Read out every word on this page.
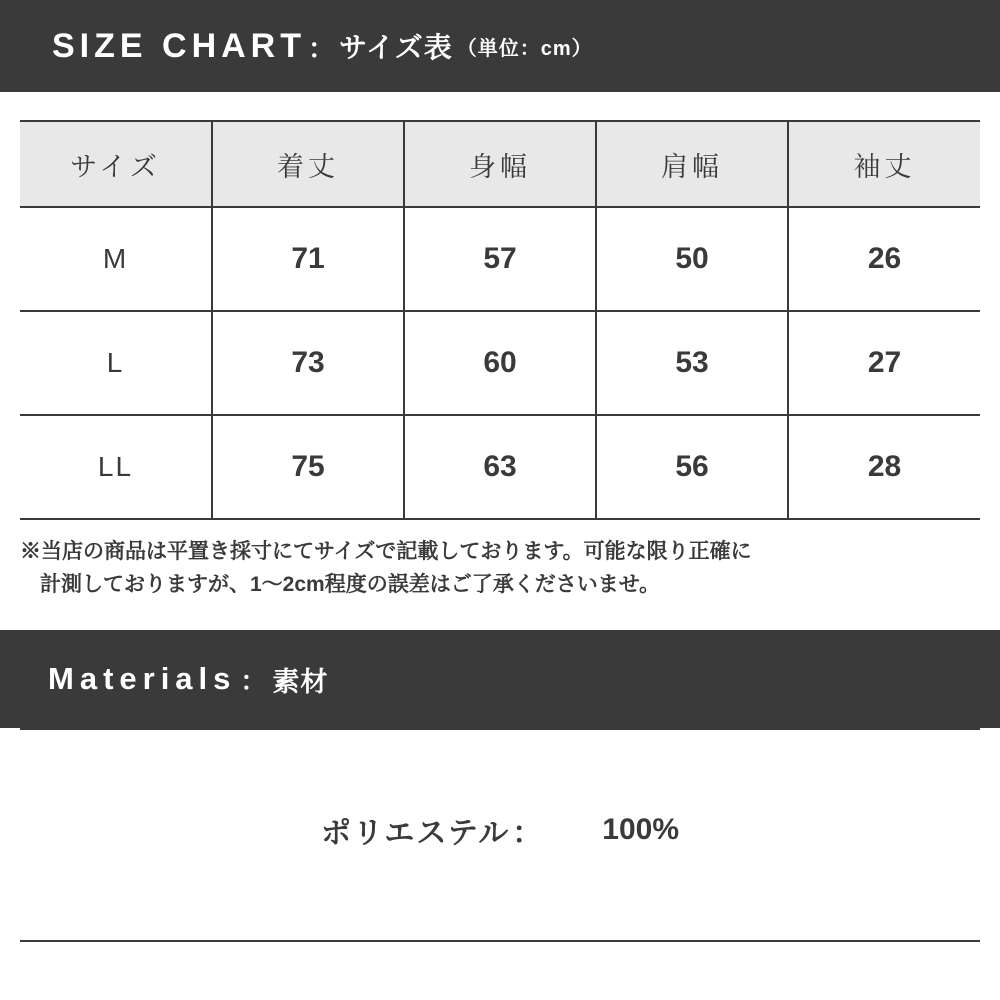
SIZE CHART ： サイズ表 （単位：cm）
サイズ	着丈	身幅	肩幅	袖丈
M	71	57	50	26
L	73	60	53	27
LL	75	63	56	28
※当店の商品は平置き採寸にてサイズで記載しております。可能な限り正確に
計測しておりますが、1〜2cm程度の誤差はご了承くださいませ。
Materials ： 素材
ポリエステル ： 100%
